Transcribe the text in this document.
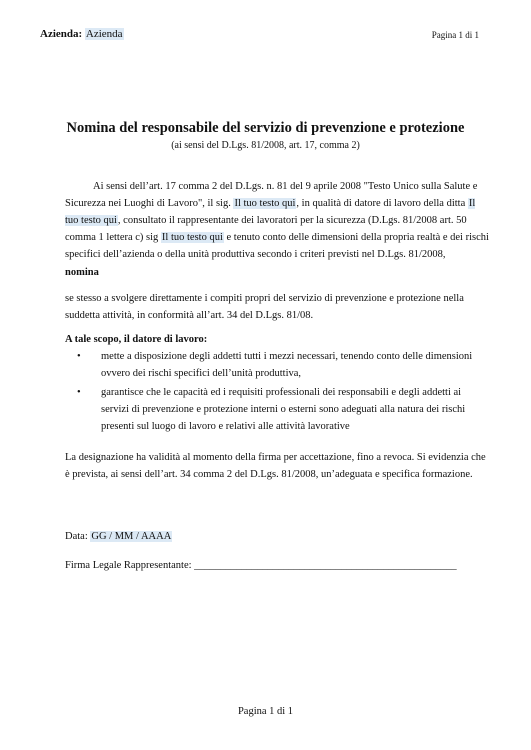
Azienda: Azienda	Pagina 1 di 1
Nomina del responsabile del servizio di prevenzione e protezione
(ai sensi del D.Lgs. 81/2008, art. 17, comma 2)
Ai sensi dell’art. 17 comma 2 del D.Lgs. n. 81 del 9 aprile 2008 "Testo Unico sulla Salute e Sicurezza nei Luoghi di Lavoro", il sig. Il tuo testo qui, in qualità di datore di lavoro della ditta Il tuo testo qui, consultato il rappresentante dei lavoratori per la sicurezza (D.Lgs. 81/2008 art. 50 comma 1 lettera c) sig Il tuo testo qui e tenuto conto delle dimensioni della propria realtà e dei rischi specifici dell’azienda o della unità produttiva secondo i criteri previsti nel D.Lgs. 81/2008,
nomina
se stesso a svolgere direttamente i compiti propri del servizio di prevenzione e protezione nella suddetta attività, in conformità all’art. 34 del D.Lgs. 81/08.
A tale scopo, il datore di lavoro:
• mette a disposizione degli addetti tutti i mezzi necessari, tenendo conto delle dimensioni ovvero dei rischi specifici dell’unità produttiva,
• garantisce che le capacità ed i requisiti professionali dei responsabili e degli addetti ai servizi di prevenzione e protezione interni o esterni sono adeguati alla natura dei rischi presenti sul luogo di lavoro e relativi alle attività lavorative
La designazione ha validità al momento della firma per accettazione, fino a revoca. Si evidenzia che è prevista, ai sensi dell’art. 34 comma 2 del D.Lgs. 81/2008, un’adeguata e specifica formazione.
Data: GG / MM / AAAA
Firma Legale Rappresentante: __________________________________________________
Pagina 1 di 1
